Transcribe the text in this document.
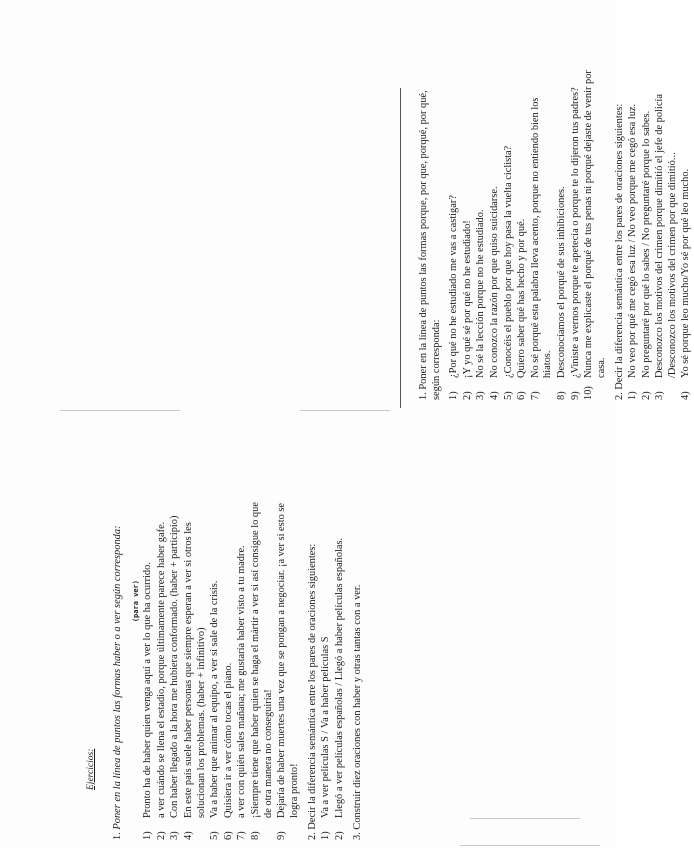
Ejercicios:

1. Poner en la línea de puntos las formas haber o a ver según corresponda: (para ver)

1)
Pronto ha de haber quien venga aquí a ver lo que ha ocurrido.
2)
a ver cuándo se llena el estadio, porque últimamente parece haber gafe.
3)
Con haber llegado a la hora me hubiera conformado. (haber + participio)
4)
En este país suele haber personas que siempre esperan a ver si otros les solucionan los problemas. (haber + infinitivo)
5)
Va a haber que animar al equipo, a ver si sale de la crisis.
6)
Quisiera ir a ver cómo tocas el piano.
7)
a ver con quién sales mañana; me gustaría haber visto a tu madre.
8)
¡Siempre tiene que haber quien se haga el mártir a ver si así consigue lo que de otra manera no conseguiría!
9)
Dejaría de haber muertes una vez que se pongan a negociar. ¡a ver si esto se logra pronto!

2. Decir la diferencia semántica entre los pares de oraciones siguientes:

1)
Va a ver películas S / Va a haber películas S
2)
Llegó a ver películas españolas / Llegó a haber películas españolas.

3. Construir diez oraciones con haber y otras tantas con a ver.

1. Poner en la línea de puntos las formas porque, por que, porqué, por qué, según corresponda: 1)
¿Por qué no he estudiado me vas a castigar?
2)
¡Y yo qué sé por qué no he estudiado!
3)
No sé la lección porque no he estudiado.
4)
No conozco la razón por que quiso suicidarse.
5)
¿Conocéis el pueblo por que hoy pasa la vuelta ciclista?
6)
Quiero saber qué has hecho y por qué.
7)
No sé porqué esta palabra lleva acento, porque no entiendo bien los hiatos.
8)
Desconocíamos el porqué de sus inhibiciones.
9)
¿Viniste a vernos porque te apetecía o porque te lo dijeron tus padres?
10)
Nunca me explicaste el porqué de tus penas ni porqué dejaste de venir por casa.

2. Decir la diferencia semántica entre los pares de oraciones siguientes:

1)
No veo por qué me cegó esa luz / No veo porque me cegó esa luz.
2)
No preguntaré por qué lo sabes / No preguntaré porque lo sabes.
3)
Desconozco los motivos del crimen porque dimitió el jefe de policía /Desconozco los motivos del crimen por que dimitió...
4)
Yo sé porque leo mucho/Yo sé por qué leo mucho.
